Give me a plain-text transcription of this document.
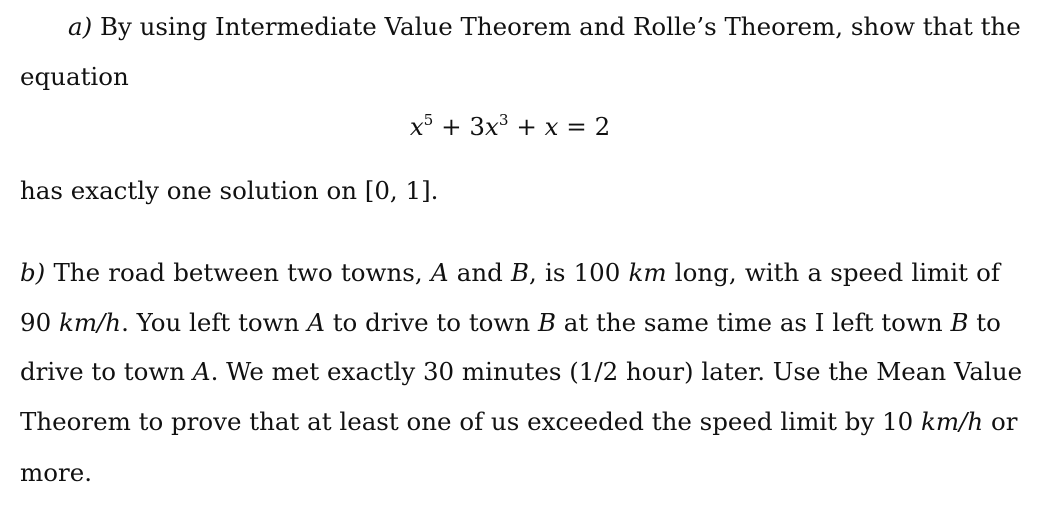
a) By using Intermediate Value Theorem and Rolle’s Theorem, show that the
equation
$x^5 + 3x^3 + x = 2$
has exactly one solution on [0, 1].
b) The road between two towns, A and B, is 100 km long, with a speed limit of
90 km/h. You left town A to drive to town B at the same time as I left town B to
drive to town A. We met exactly 30 minutes (1/2 hour) later. Use the Mean Value
Theorem to prove that at least one of us exceeded the speed limit by 10 km/h or
more.
